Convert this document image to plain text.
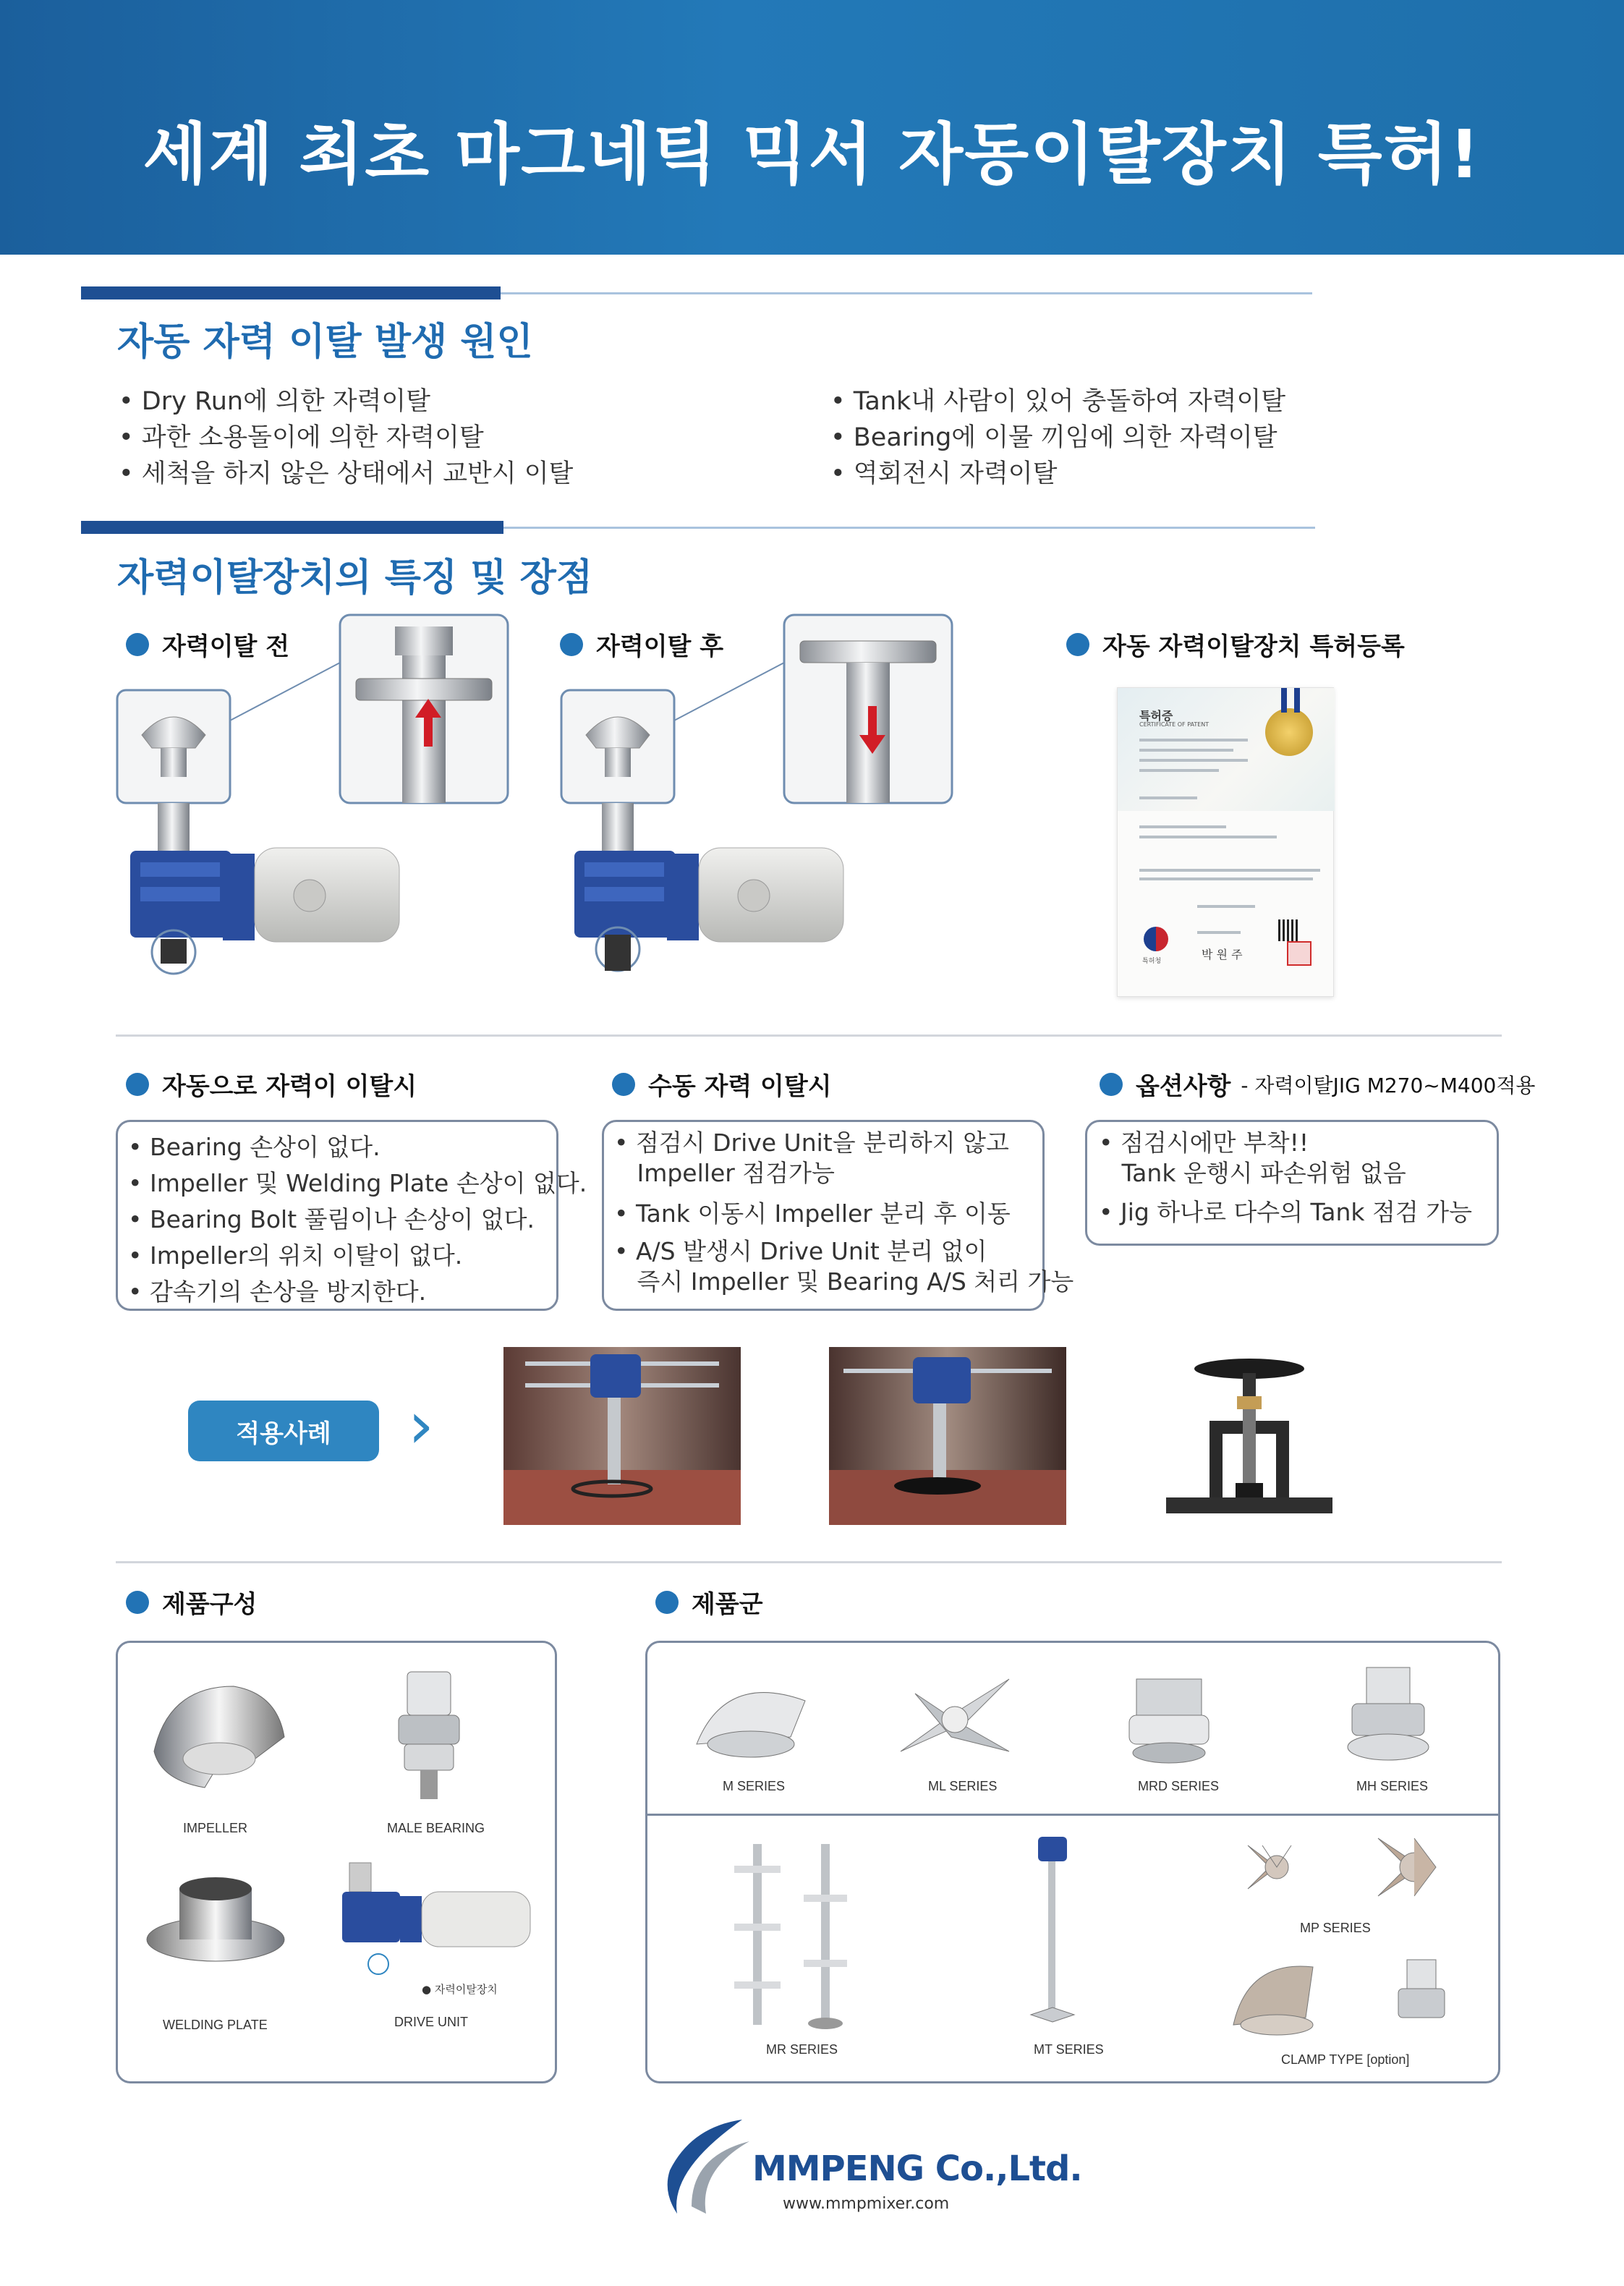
세계 최초 마그네틱 믹서 자동이탈장치 특허!
자동 자력 이탈 발생 원인
• Dry Run에 의한 자력이탈
• 과한 소용돌이에 의한 자력이탈
• 세척을 하지 않은 상태에서 교반시 이탈
• Tank내 사람이 있어 충돌하여 자력이탈
• Bearing에 이물 끼임에 의한 자력이탈
• 역회전시 자력이탈
자력이탈장치의 특징 및 장점
자력이탈 전	자력이탈 후	자동 자력이탈장치 특허등록
특허증
CERTIFICATE OF PATENT
특허청	박 원 주
자동으로 자력이 이탈시	수동 자력 이탈시	옵션사항 - 자력이탈JIG M270~M400적용
• Bearing 손상이 없다.
• Impeller 및 Welding Plate 손상이 없다.
• Bearing Bolt 풀림이나 손상이 없다.
• Impeller의 위치 이탈이 없다.
• 감속기의 손상을 방지한다.
• 점검시 Drive Unit을 분리하지 않고
Impeller 점검가능
• Tank 이동시 Impeller 분리 후 이동
• A/S 발생시 Drive Unit 분리 없이
즉시 Impeller 및 Bearing A/S 처리 가능
• 점검시에만 부착!!
Tank 운행시 파손위험 없음
• Jig 하나로 다수의 Tank 점검 가능
적용사례	›
제품구성	제품군
IMPELLER	MALE BEARING
WELDING PLATE
● 자력이탈장치
DRIVE UNIT
M SERIES	ML SERIES	MRD SERIES	MH SERIES
MR SERIES	MT SERIES
MP SERIES
CLAMP TYPE [option]
MMPENG Co.,Ltd.
www.mmpmixer.com
